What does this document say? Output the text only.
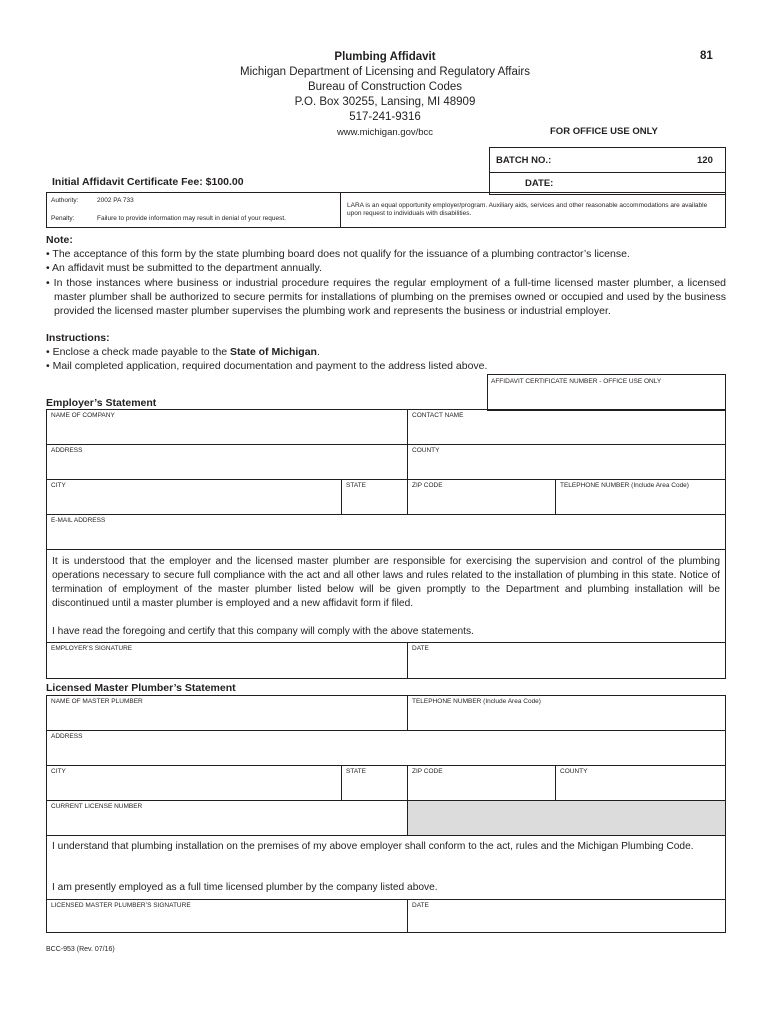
Plumbing Affidavit	81
Michigan Department of Licensing and Regulatory Affairs
Bureau of Construction Codes
P.O. Box 30255, Lansing, MI 48909
517-241-9316
www.michigan.gov/bcc	FOR OFFICE USE ONLY
BATCH NO.:	120
DATE:
Initial Affidavit Certificate Fee: $100.00
Authority:	2002 PA 733
Penalty:	Failure to provide information may result in denial of your request.
LARA is an equal opportunity employer/program. Auxiliary aids, services and other reasonable accommodations are available upon request to individuals with disabilities.
Note:
• The acceptance of this form by the state plumbing board does not qualify for the issuance of a plumbing contractor’s license.
• An affidavit must be submitted to the department annually.
• In those instances where business or industrial procedure requires the regular employment of a full-time licensed master plumber, a licensed master plumber shall be authorized to secure permits for installations of plumbing on the premises owned or occupied and used by the business provided the licensed master plumber supervises the plumbing work and represents the business or industrial employer.
Instructions:
• Enclose a check made payable to the State of Michigan.
• Mail completed application, required documentation and payment to the address listed above.
AFFIDAVIT CERTIFICATE NUMBER - OFFICE USE ONLY
Employer’s Statement
NAME OF COMPANY	CONTACT NAME
ADDRESS	COUNTY
CITY	STATE	ZIP CODE	TELEPHONE NUMBER (Include Area Code)
E-MAIL ADDRESS
It is understood that the employer and the licensed master plumber are responsible for exercising the supervision and control of the plumbing operations necessary to secure full compliance with the act and all other laws and rules related to the installation of plumbing in this state. Notice of termination of employment of the master plumber listed below will be given promptly to the Department and plumbing installation will be discontinued until a master plumber is employed and a new affidavit form if filed.
I have read the foregoing and certify that this company will comply with the above statements.
EMPLOYER’S SIGNATURE	DATE
Licensed Master Plumber’s Statement
NAME OF MASTER PLUMBER	TELEPHONE NUMBER (Include Area Code)
ADDRESS
CITY	STATE	ZIP CODE	COUNTY
CURRENT LICENSE NUMBER
I understand that plumbing installation on the premises of my above employer shall conform to the act, rules and the Michigan Plumbing Code.
I am presently employed as a full time licensed plumber by the company listed above.
LICENSED MASTER PLUMBER’S SIGNATURE	DATE
BCC-953 (Rev. 07/16)
